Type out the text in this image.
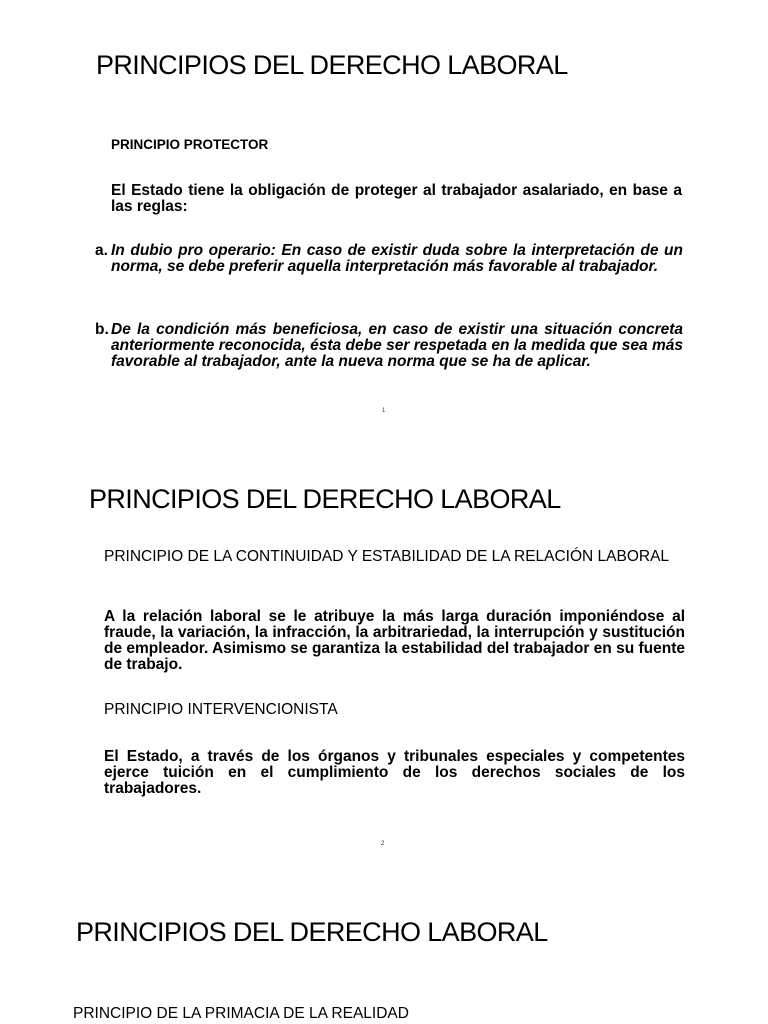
PRINCIPIOS DEL DERECHO LABORAL

PRINCIPIO PROTECTOR

El Estado tiene la obligación de proteger al trabajador asalariado, en base a las reglas:

a. In dubio pro operario: En caso de existir duda sobre la interpretación de un norma, se debe preferir aquella interpretación más favorable al trabajador.
b. De la condición más beneficiosa, en caso de existir una situación concreta anteriormente reconocida, ésta debe ser respetada en la medida que sea más favorable al trabajador, ante la nueva norma que se ha de aplicar.
1
PRINCIPIOS DEL DERECHO LABORAL

PRINCIPIO DE LA CONTINUIDAD Y ESTABILIDAD DE LA RELACIÓN LABORAL

A la relación laboral se le atribuye la más larga duración imponiéndose al fraude, la variación, la infracción, la arbitrariedad, la interrupción y sustitución de empleador. Asimismo se garantiza la estabilidad del trabajador en su fuente de trabajo.

PRINCIPIO INTERVENCIONISTA

El Estado, a través de los órganos y tribunales especiales y competentes ejerce tuición en el cumplimiento de los derechos sociales de los trabajadores.

2
PRINCIPIOS DEL DERECHO LABORAL

PRINCIPIO DE LA PRIMACIA DE LA REALIDAD
